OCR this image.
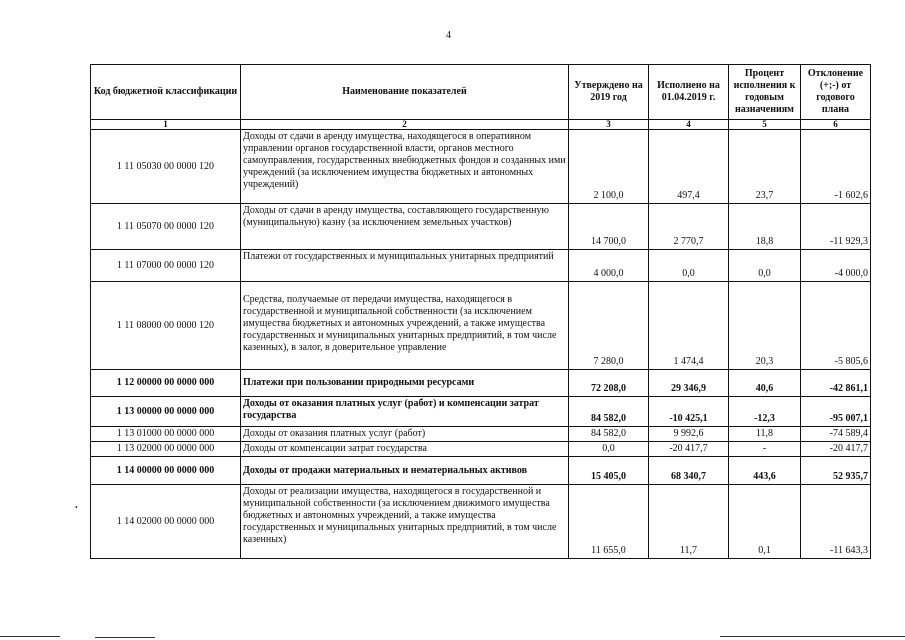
4
Код бюджетной классификации	Наименование показателей	Утверждено на 2019 год	Исполнено на 01.04.2019 г.	Процент исполнения к годовым назначениям	Отклонение (+;-) от годового плана
1	2	3	4	5	6
1 11 05030 00 0000 120	Доходы от сдачи в аренду имущества, находящегося в оперативном управлении органов государственной власти, органов местного самоуправления, государственных внебюджетных фондов и созданных ими учреждений (за исключением имущества бюджетных и автономных учреждений)	2 100,0	497,4	23,7	-1 602,6
1 11 05070 00 0000 120	Доходы от сдачи в аренду имущества, составляющего государственную (муниципальную) казну (за исключением земельных участков)	14 700,0	2 770,7	18,8	-11 929,3
1 11 07000 00 0000 120	Платежи от государственных и муниципальных унитарных предприятий	4 000,0	0,0	0,0	-4 000,0
1 11 08000 00 0000 120	Средства, получаемые от передачи имущества, находящегося в государственной и муниципальной собственности (за исключением имущества бюджетных и автономных учреждений, а также имущества государственных и муниципальных унитарных предприятий, в том числе казенных), в залог, в доверительное управление	7 280,0	1 474,4	20,3	-5 805,6
1 12 00000 00 0000 000	Платежи при пользовании природными ресурсами	72 208,0	29 346,9	40,6	-42 861,1
1 13 00000 00 0000 000	Доходы от оказания платных услуг (работ) и компенсации затрат государства	84 582,0	-10 425,1	-12,3	-95 007,1
1 13 01000 00 0000 000	Доходы от оказания платных услуг (работ)	84 582,0	9 992,6	11,8	-74 589,4
1 13 02000 00 0000 000	Доходы от компенсации затрат государства	0,0	-20 417,7	-	-20 417,7
1 14 00000 00 0000 000	Доходы от продажи материальных и нематериальных активов	15 405,0	68 340,7	443,6	52 935,7
1 14 02000 00 0000 000	Доходы от реализации имущества, находящегося в государственной и муниципальной собственности (за исключением движимого имущества бюджетных и автономных учреждений, а также имущества государственных и муниципальных унитарных предприятий, в том числе казенных)	11 655,0	11,7	0,1	-11 643,3
•
